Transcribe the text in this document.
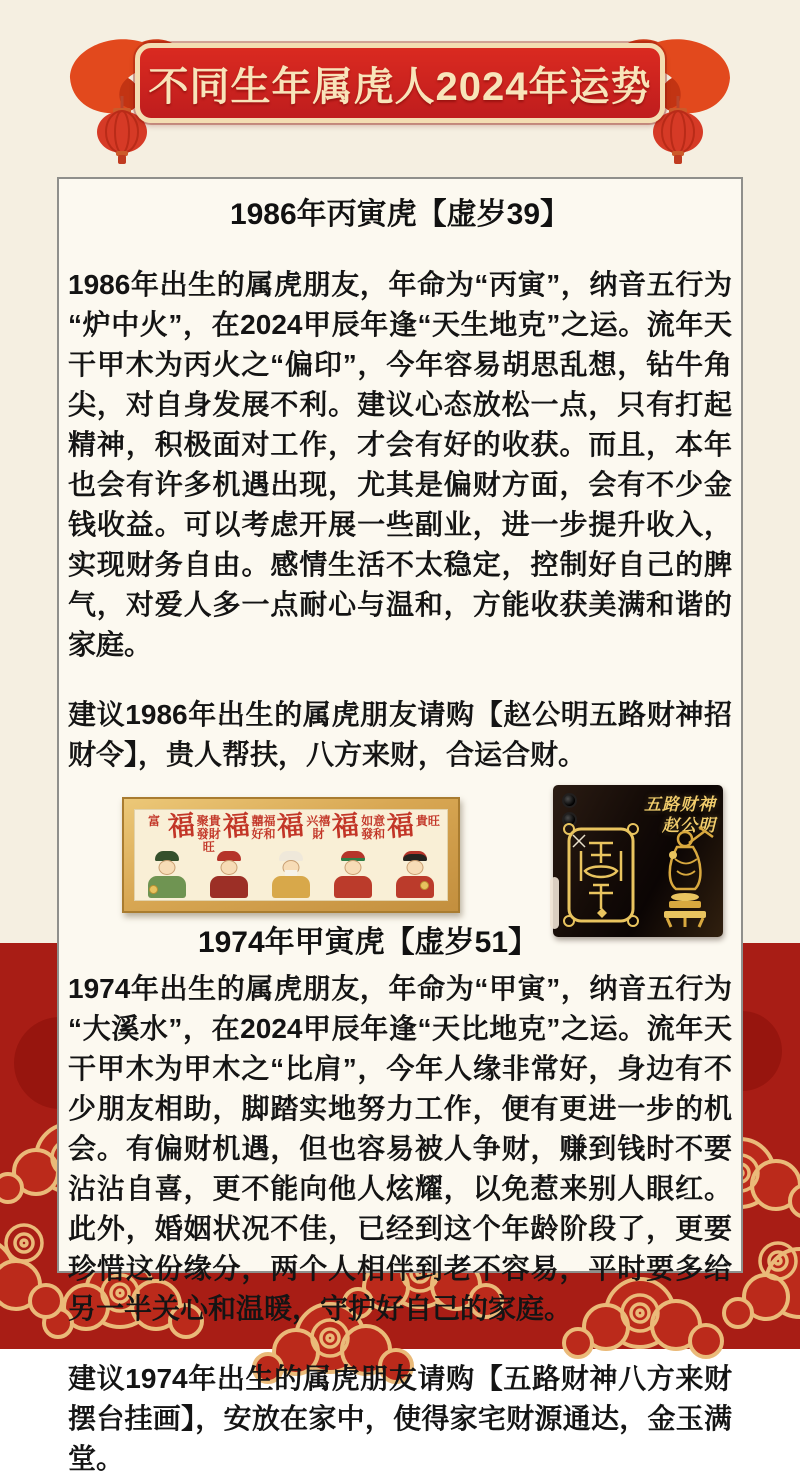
不同生年属虎人2024年运势
1986年丙寅虎【虚岁39】

1986年出生的属虎朋友，年命为“丙寅”，纳音五行为“炉中火”，在2024甲辰年逢“天生地克”之运。流年天干甲木为丙火之“偏印”，今年容易胡思乱想，钻牛角尖，对自身发展不利。建议心态放松一点，只有打起精神，积极面对工作，才会有好的收获。而且，本年也会有许多机遇出现，尤其是偏财方面，会有不少金钱收益。可以考虑开展一些副业，进一步提升收入，实现财务自由。感情生活不太稳定，控制好自己的脾气，对爱人多一点耐心与温和，方能收获美满和谐的家庭。

建议1986年出生的属虎朋友请购【赵公明五路财神招财令】，贵人帮扶，八方来财，合运合财。

富 福 聚貴發財旺
福 囍福好和 福 兴禧財 福 如意發和 福 貴旺
五路财神
赵公明
1974年甲寅虎【虚岁51】

1974年出生的属虎朋友，年命为“甲寅”，纳音五行为“大溪水”，在2024甲辰年逢“天比地克”之运。流年天干甲木为甲木之“比肩”，今年人缘非常好，身边有不少朋友相助，脚踏实地努力工作，便有更进一步的机会。有偏财机遇，但也容易被人争财，赚到钱时不要沾沾自喜，更不能向他人炫耀，以免惹来别人眼红。此外，婚姻状况不佳，已经到这个年龄阶段了，更要珍惜这份缘分，两个人相伴到老不容易，平时要多给另一半关心和温暖，守护好自己的家庭。

建议1974年出生的属虎朋友请购【五路财神八方来财摆台挂画】，安放在家中，使得家宅财源通达，金玉满堂。
